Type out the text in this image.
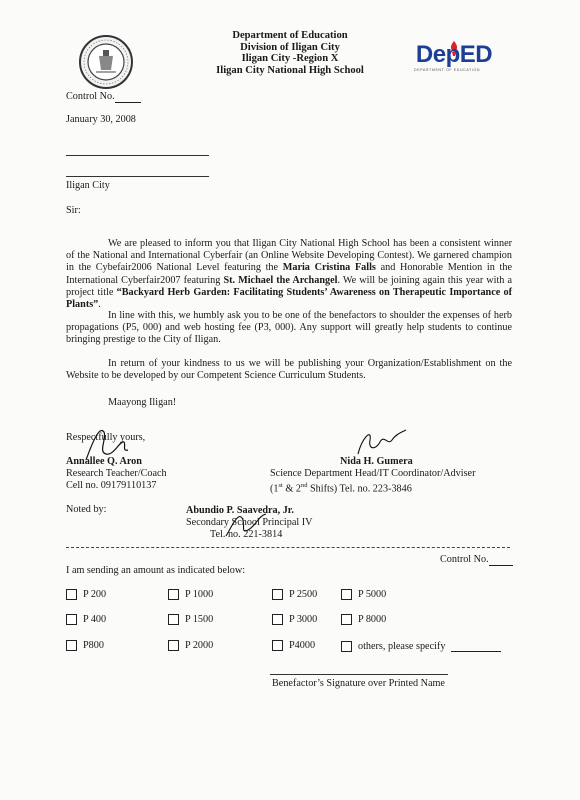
Department of Education
Division of Iligan City
Iligan City -Region X
Iligan City National High School
DepED
DEPARTMENT OF EDUCATION
Control No.
January 30, 2008
Iligan City
Sir:
We are pleased to inform you that Iligan City National High School has been a consistent winner of the National and International Cyberfair (an Online Website Developing Contest). We garnered champion in the Cybefair2006 National Level featuring the Maria Cristina Falls and Honorable Mention in the International Cyberfair2007 featuring St. Michael the Archangel. We will be joining again this year with a project title “Backyard Herb Garden: Facilitating Students’ Awareness on Therapeutic Importance of Plants”.
In line with this, we humbly ask you to be one of the benefactors to shoulder the expenses of herb propagations (P5, 000) and web hosting fee (P3, 000). Any support will greatly help students to continue bringing prestige to the City of Iligan.
In return of your kindness to us we will be publishing your Organization/Establishment on the Website to be developed by our Competent Science Curriculum Students.
Maayong Iligan!
Respectfully yours,
Annallee Q. Aron
Research Teacher/Coach
Cell no. 09179110137
Nida H. Gumera
Science Department Head/IT Coordinator/Adviser
(1st & 2nd Shifts) Tel. no. 223-3846
Noted by:	Abundio P. Saavedra, Jr.
Secondary School Principal IV
Tel. no. 221-3814
Control No.
I am sending an amount as indicated below:
P 200	P 1000	P 2500	P 5000
P 400	P 1500	P 3000	P 8000
P800	P 2000	P4000	others, please specify

Benefactor’s Signature over Printed Name
